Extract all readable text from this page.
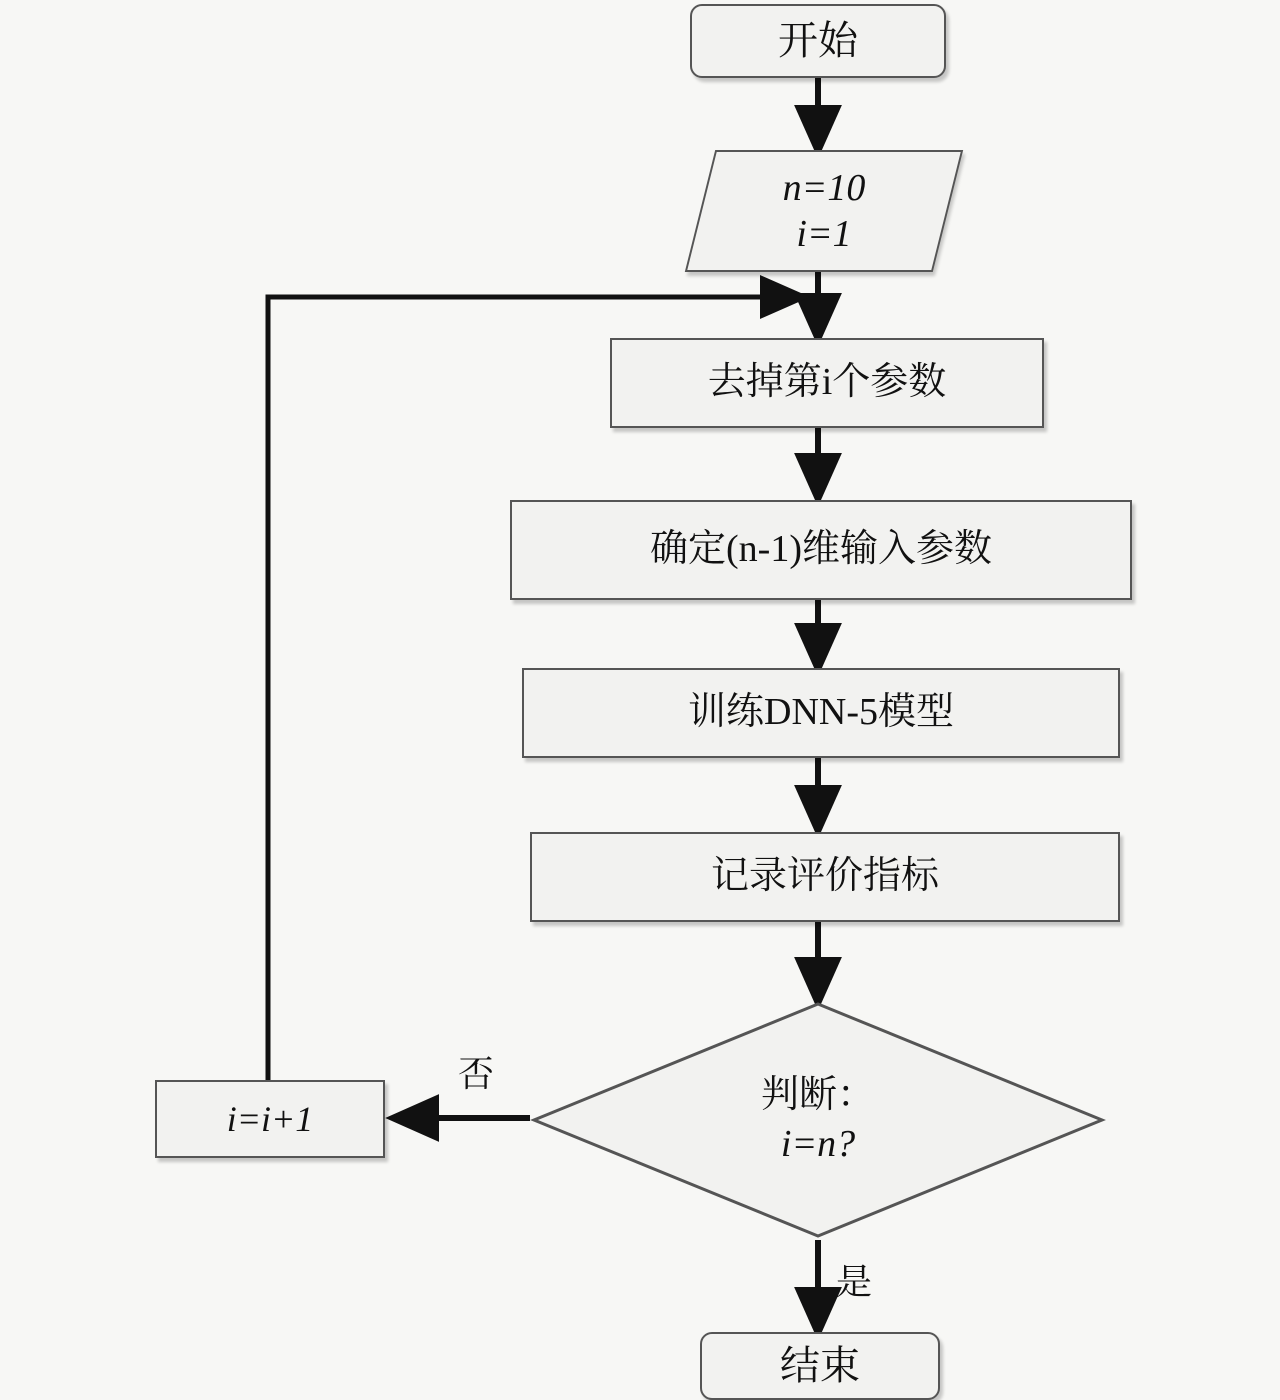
开始
n=10
i=1
去掉第i个参数
确定(n-1)维输入参数
训练DNN-5模型
记录评价指标
判断：
i=n?
i=i+1
结束
否
是
